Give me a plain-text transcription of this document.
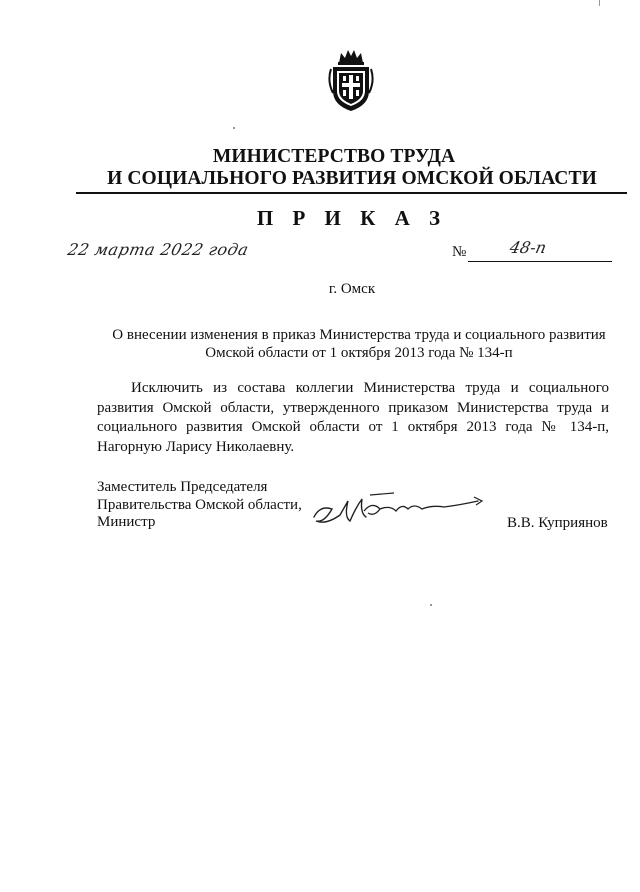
МИНИСТЕРСТВО ТРУДА
И СОЦИАЛЬНОГО РАЗВИТИЯ ОМСКОЙ ОБЛАСТИ
П Р И К А З
22 марта 2022 года	№	48-п
г. Омск
О внесении изменения в приказ Министерства труда и социального развития
Омской области от 1 октября 2013 года № 134-п

Исключить из состава коллегии Министерства труда и социального развития Омской области, утвержденного приказом Министерства труда и социального развития Омской области от 1 октября 2013 года № 134-п, Нагорную Ларису Николаевну.

Заместитель Председателя
Правительства Омской области,
Министр	В.В. Куприянов
